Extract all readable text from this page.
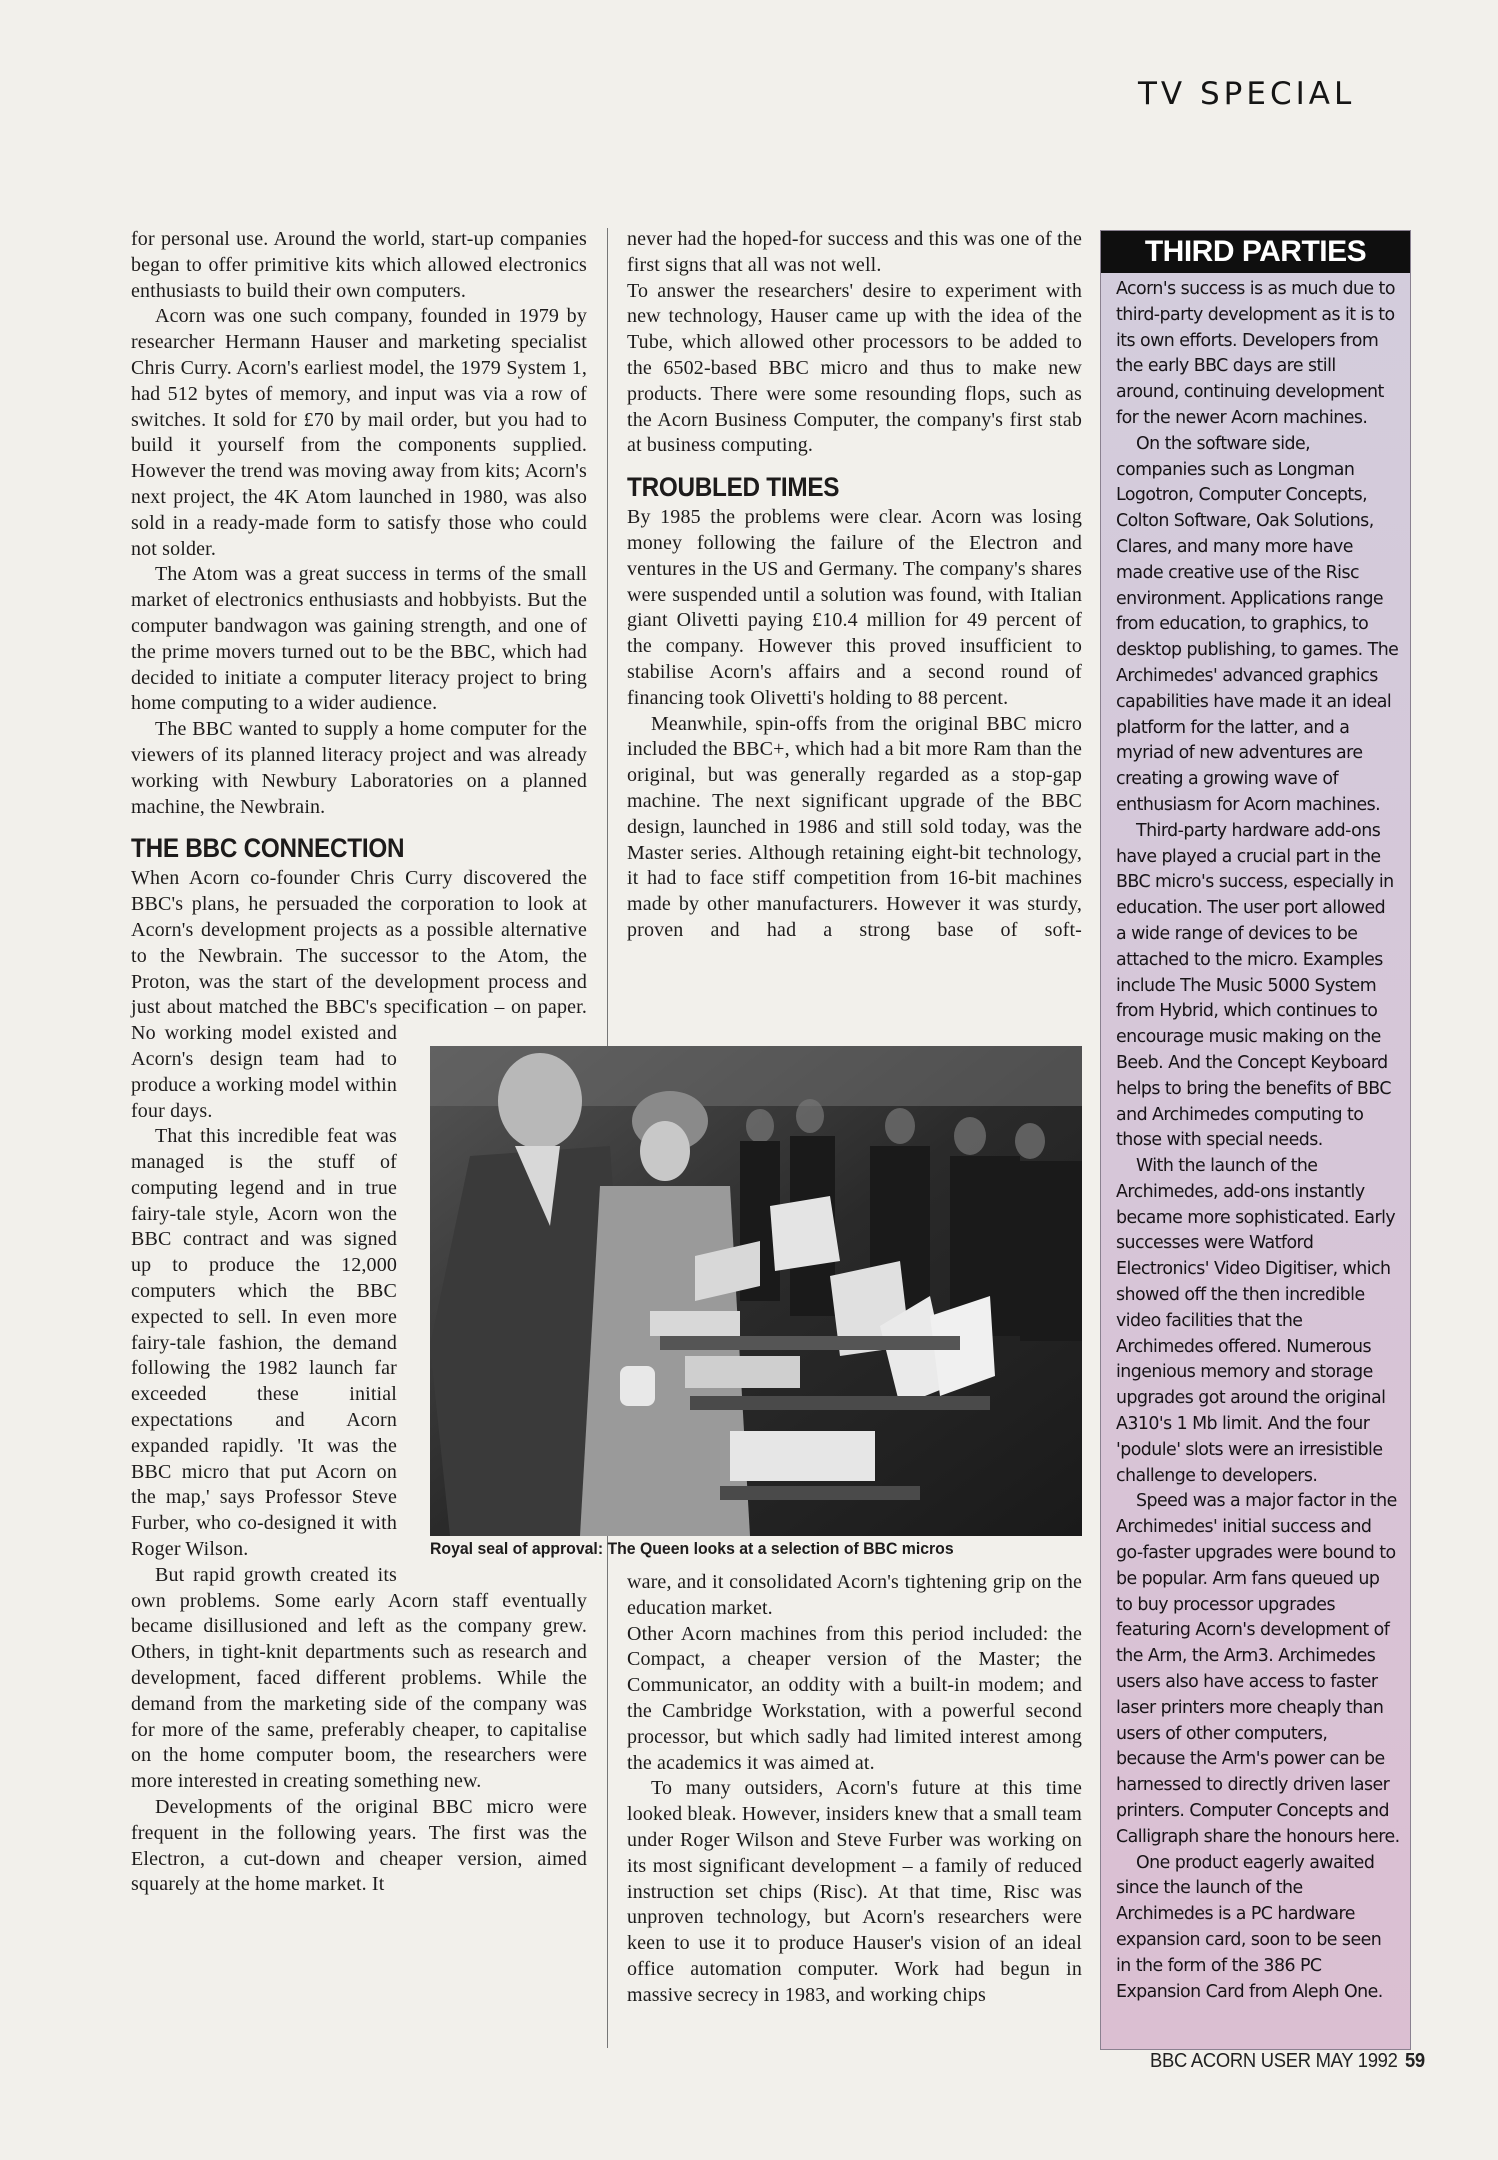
TV SPECIAL

for personal use. Around the world, start-up companies began to offer primitive kits which allowed electronics enthusiasts to build their own computers.

Acorn was one such company, founded in 1979 by researcher Hermann Hauser and marketing specialist Chris Curry. Acorn's earliest model, the 1979 System 1, had 512 bytes of memory, and input was via a row of switches. It sold for £70 by mail order, but you had to build it yourself from the components supplied. However the trend was moving away from kits; Acorn's next project, the 4K Atom launched in 1980, was also sold in a ready-made form to satisfy those who could not solder.

The Atom was a great success in terms of the small market of electronics enthusiasts and hobbyists. But the computer bandwagon was gaining strength, and one of the prime movers turned out to be the BBC, which had decided to initiate a computer literacy project to bring home computing to a wider audience.

The BBC wanted to supply a home computer for the viewers of its planned literacy project and was already working with Newbury Laboratories on a planned machine, the Newbrain.

THE BBC CONNECTION

When Acorn co-founder Chris Curry discovered the BBC's plans, he persuaded the corporation to look at Acorn's development projects as a possible alternative to the Newbrain. The successor to the Atom, the Proton, was the start of the development process and just about matched the BBC's specification – on paper. No working model existed and Acorn's design team had to produce a working model within four days.

That this incredible feat was managed is the stuff of computing legend and in true fairy-tale style, Acorn won the BBC contract and was signed up to produce the 12,000 computers which the BBC expected to sell. In even more fairy-tale fashion, the demand following the 1982 launch far exceeded these initial expectations and Acorn expanded rapidly. 'It was the BBC micro that put Acorn on the map,' says Professor Steve Furber, who co-designed it with Roger Wilson.

But rapid growth created its own problems. Some early Acorn staff eventually became disillusioned and left as the company grew. Others, in tight-knit departments such as research and development, faced different problems. While the demand from the marketing side of the company was for more of the same, preferably cheaper, to capitalise on the home computer boom, the researchers were more interested in creating something new.

Developments of the original BBC micro were frequent in the following years. The first was the Electron, a cut-down and cheaper version, aimed squarely at the home market. It

never had the hoped-for success and this was one of the first signs that all was not well.

To answer the researchers' desire to experiment with new technology, Hauser came up with the idea of the Tube, which allowed other processors to be added to the 6502-based BBC micro and thus to make new products. There were some resounding flops, such as the Acorn Business Computer, the company's first stab at business computing.

TROUBLED TIMES

By 1985 the problems were clear. Acorn was losing money following the failure of the Electron and ventures in the US and Germany. The company's shares were suspended until a solution was found, with Italian giant Olivetti paying £10.4 million for 49 percent of the company. However this proved insufficient to stabilise Acorn's affairs and a second round of financing took Olivetti's holding to 88 percent.

Meanwhile, spin-offs from the original BBC micro included the BBC+, which had a bit more Ram than the original, but was generally regarded as a stop-gap machine. The next significant upgrade of the BBC design, launched in 1986 and still sold today, was the Master series. Although retaining eight-bit technology, it had to face stiff competition from 16-bit machines made by other manufacturers. However it was sturdy, proven and had a strong base of soft-

ware, and it consolidated Acorn's tightening grip on the education market.

Other Acorn machines from this period included: the Compact, a cheaper version of the Master; the Communicator, an oddity with a built-in modem; and the Cambridge Workstation, with a powerful second processor, but which sadly had limited interest among the academics it was aimed at.

To many outsiders, Acorn's future at this time looked bleak. However, insiders knew that a small team under Roger Wilson and Steve Furber was working on its most significant development – a family of reduced instruction set chips (Risc). At that time, Risc was unproven technology, but Acorn's researchers were keen to use it to produce Hauser's vision of an ideal office automation computer. Work had begun in massive secrecy in 1983, and working chips

Royal seal of approval: The Queen looks at a selection of BBC micros
THIRD PARTIES

Acorn's success is as much due to third-party development as it is to its own efforts. Developers from the early BBC days are still around, continuing development for the newer Acorn machines.

On the software side, companies such as Longman Logotron, Computer Concepts, Colton Software, Oak Solutions, Clares, and many more have made creative use of the Risc environment. Applications range from education, to graphics, to desktop publishing, to games. The Archimedes' advanced graphics capabilities have made it an ideal platform for the latter, and a myriad of new adventures are creating a growing wave of enthusiasm for Acorn machines.

Third-party hardware add-ons have played a crucial part in the BBC micro's success, especially in education. The user port allowed a wide range of devices to be attached to the micro. Examples include The Music 5000 System from Hybrid, which continues to encourage music making on the Beeb. And the Concept Keyboard helps to bring the benefits of BBC and Archimedes computing to those with special needs.

With the launch of the Archimedes, add-ons instantly became more sophisticated. Early successes were Watford Electronics' Video Digitiser, which showed off the then incredible video facilities that the Archimedes offered. Numerous ingenious memory and storage upgrades got around the original A310's 1 Mb limit. And the four 'podule' slots were an irresistible challenge to developers.

Speed was a major factor in the Archimedes' initial success and go-faster upgrades were bound to be popular. Arm fans queued up to buy processor upgrades featuring Acorn's development of the Arm, the Arm3. Archimedes users also have access to faster laser printers more cheaply than users of other computers, because the Arm's power can be harnessed to directly driven laser printers. Computer Concepts and Calligraph share the honours here.

One product eagerly awaited since the launch of the Archimedes is a PC hardware expansion card, soon to be seen in the form of the 386 PC Expansion Card from Aleph One.

BBC ACORN USER MAY 1992 59
